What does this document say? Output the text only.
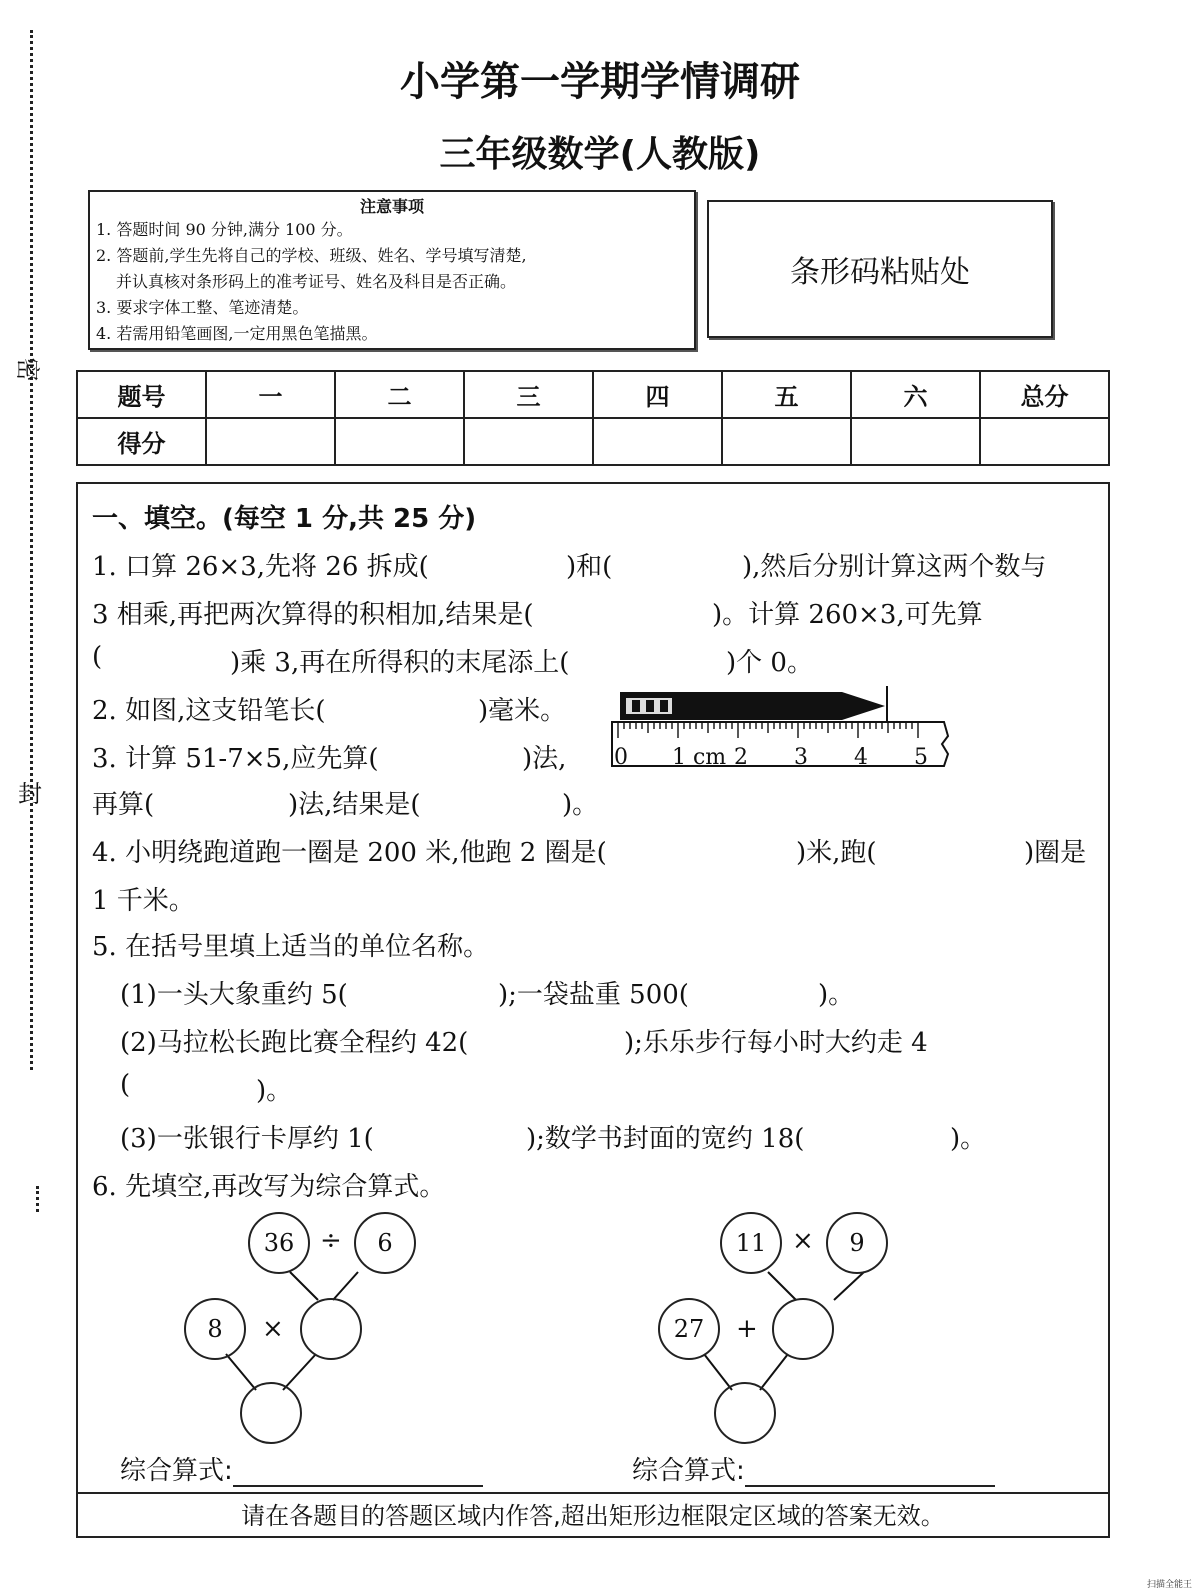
密
封
小学第一学期学情调研
三年级数学(人教版)
注意事项
1. 答题时间 90 分钟,满分 100 分。
2. 答题前,学生先将自己的学校、班级、姓名、学号填写清楚,
并认真核对条形码上的准考证号、姓名及科目是否正确。
3. 要求字体工整、笔迹清楚。
4. 若需用铅笔画图,一定用黑色笔描黑。
条形码粘贴处
题号	一	二	三	四	五	六	总分
得分							
一、填空。(每空 1 分,共 25 分)
1. 口算 26×3,先将 26 拆成(	)和(	),然后分别计算这两个数与
3 相乘,再把两次算得的积相加,结果是(	)。计算 260×3,可先算
(	)乘 3,再在所得积的末尾添上(	)个 0。
2. 如图,这支铅笔长(	)毫米。
0 1 cm 2 3 4 5
3. 计算 51-7×5,应先算(	)法,
再算(	)法,结果是(	)。
4. 小明绕跑道跑一圈是 200 米,他跑 2 圈是(	)米,跑(	)圈是
1 千米。
5. 在括号里填上适当的单位名称。
(1)一头大象重约 5(	);一袋盐重 500(	)。
(2)马拉松长跑比赛全程约 42(	);乐乐步行每小时大约走 4
(	)。
(3)一张银行卡厚约 1(	);数学书封面的宽约 18(	)。
6. 先填空,再改写为综合算式。
36 ÷	6
8	×
11 ×	9
27	+
综合算式:	综合算式:
请在各题目的答题区域内作答,超出矩形边框限定区域的答案无效。
扫描全能王
